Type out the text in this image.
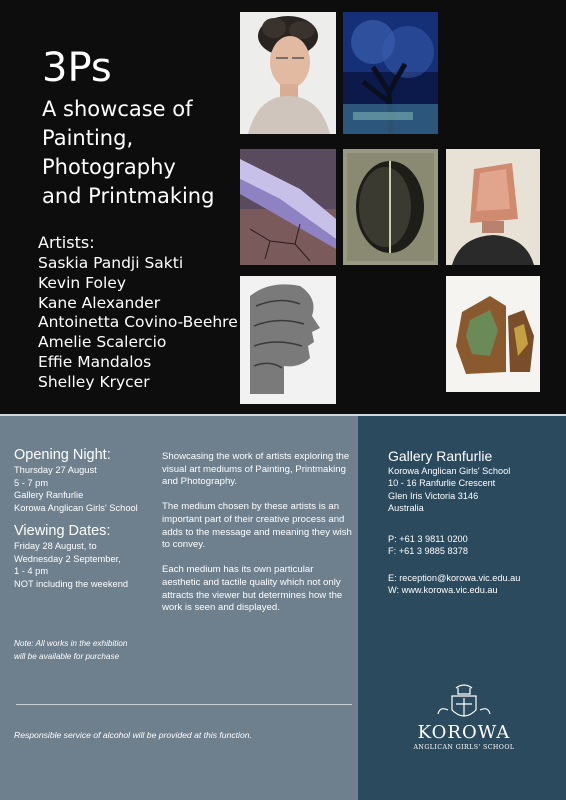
3Ps
A showcase of
Painting,
Photography
and Printmaking
Artists:
Saskia Pandji Sakti
Kevin Foley
Kane Alexander
Antoinetta Covino-Beehre
Amelie Scalercio
Effie Mandalos
Shelley Krycer
Opening Night:
Thursday 27 August
5 - 7 pm
Gallery Ranfurlie
Korowa Anglican Girls' School
Viewing Dates:
Friday 28 August, to
Wednesday 2 September,
1 - 4 pm
NOT including the weekend
Note: All works in the exhibition
will be available for purchase

Showcasing the work of artists exploring the visual art mediums of Painting, Printmaking and Photography.

The medium chosen by these artists is an important part of their creative process and adds to the message and meaning they wish to convey.

Each medium has its own particular aesthetic and tactile quality which not only attracts the viewer but determines how the work is seen and displayed.

Responsible service of alcohol will be provided at this function.
Gallery Ranfurlie
Korowa Anglican Girls' School
10 - 16 Ranfurlie Crescent
Glen Iris Victoria 3146
Australia
P: +61 3 9811 0200
F: +61 3 9885 8378
E: reception@korowa.vic.edu.au
W: www.korowa.vic.edu.au
KOROWA
ANGLICAN GIRLS' SCHOOL
